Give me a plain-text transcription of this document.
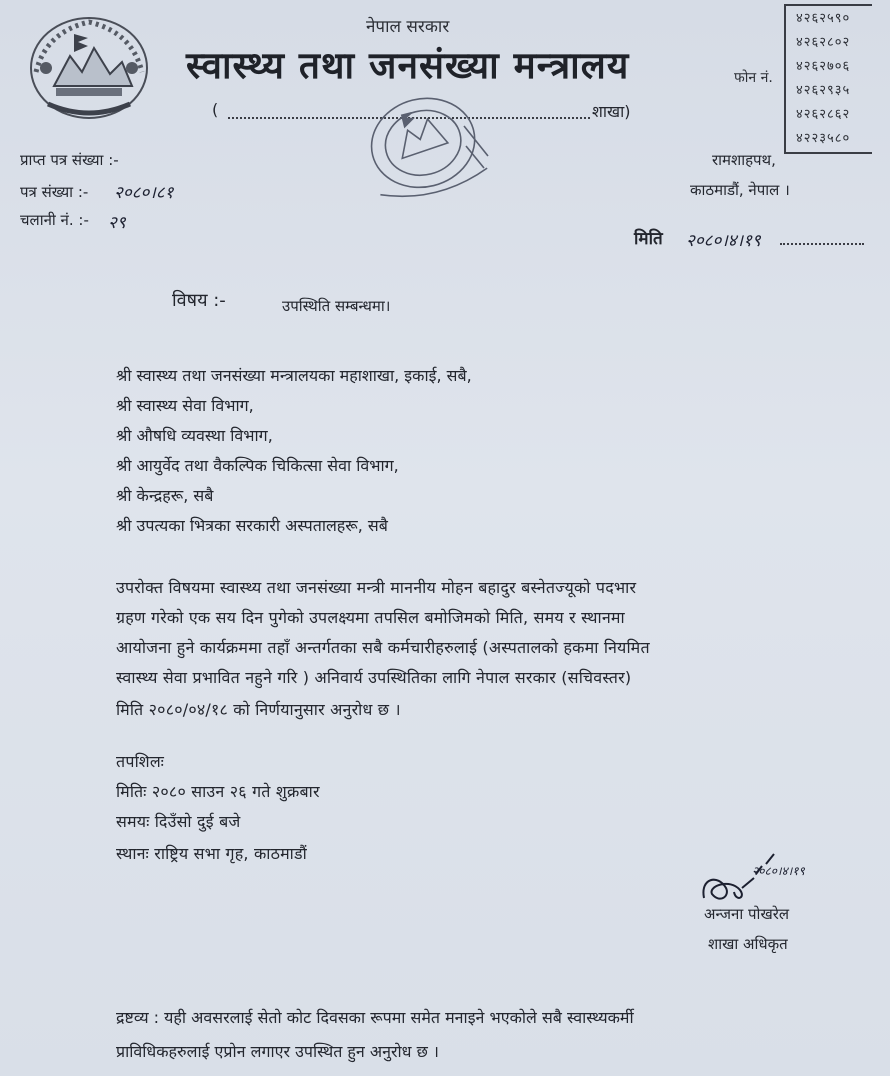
नेपाल सरकार
स्वास्थ्य तथा जनसंख्या मन्त्रालय
(	शाखा)
फोन नं.
४२६२५९०
४२६२८०२
४२६२७०६
४२६२९३५
४२६२८६२
४२२३५८०
प्राप्त पत्र संख्या :-
पत्र संख्या :- २०८०।८१
चलानी नं. :- २९
रामशाहपथ,
काठमाडौं, नेपाल ।
मिति २०८०।४।१९
विषय :-	उपस्थिति सम्बन्धमा।
श्री स्वास्थ्य तथा जनसंख्या मन्त्रालयका महाशाखा, इकाई, सबै,
श्री स्वास्थ्य सेवा विभाग,
श्री औषधि व्यवस्था विभाग,
श्री आयुर्वेद तथा वैकल्पिक चिकित्सा सेवा विभाग,
श्री केन्द्रहरू, सबै
श्री उपत्यका भित्रका सरकारी अस्पतालहरू, सबै
उपरोक्त विषयमा स्वास्थ्य तथा जनसंख्या मन्त्री माननीय मोहन बहादुर बस्नेतज्यूको पदभार
ग्रहण गरेको एक सय दिन पुगेको उपलक्ष्यमा तपसिल बमोजिमको मिति, समय र स्थानमा
आयोजना हुने कार्यक्रममा तहाँ अन्तर्गतका सबै कर्मचारीहरुलाई (अस्पतालको हकमा नियमित
स्वास्थ्य सेवा प्रभावित नहुने गरि ) अनिवार्य उपस्थितिका लागि नेपाल सरकार (सचिवस्तर)
मिति २०८०/०४/१८ को निर्णयानुसार अनुरोध छ ।
तपशिलः
मितिः २०८० साउन २६ गते शुक्रबार
समयः दिउँसो दुई बजे
स्थानः राष्ट्रिय सभा गृह, काठमाडौं
२०८०।४।१९
अन्जना पोखरेल
शाखा अधिकृत
द्रष्टव्य : यही अवसरलाई सेतो कोट दिवसका रूपमा समेत मनाइने भएकोले सबै स्वास्थ्यकर्मी
प्राविधिकहरुलाई एप्रोन लगाएर उपस्थित हुन अनुरोध छ ।
